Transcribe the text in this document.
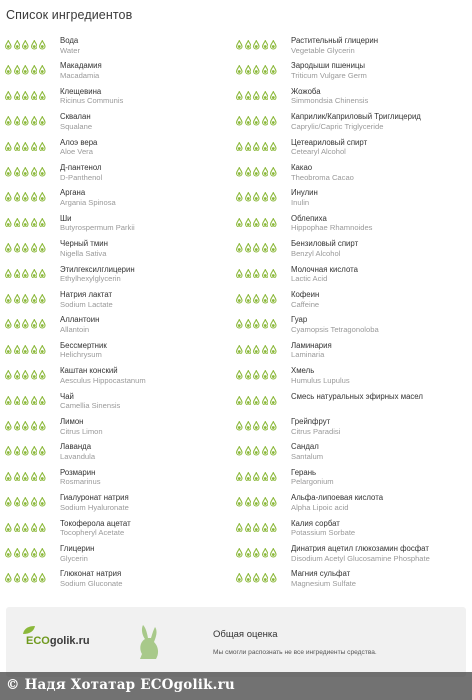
Список ингредиентов
Вода
Water
Макадамия
Macadamia
Клещевина
Ricinus Communis
Сквалан
Squalane
Алоэ вера
Aloe Vera
Д-пантенол
D-Panthenol
Аргана
Argania Spinosa
Ши
Butyrospermum Parkii
Черный тмин
Nigella Sativa
Этилгексилглицерин
Ethylhexylglycerin
Натрия лактат
Sodium Lactate
Аллантоин
Allantoin
Бессмертник
Helichrysum
Каштан конский
Aesculus Hippocastanum
Чай
Camellia Sinensis
Лимон
Citrus Limon
Лаванда
Lavandula
Розмарин
Rosmarinus
Гиалуронат натрия
Sodium Hyaluronate
Токоферола ацетат
Tocopheryl Acetate
Глицерин
Glycerin
Глюконат натрия
Sodium Gluconate
Растительный глицерин
Vegetable Glycerin
Зародыши пшеницы
Triticum Vulgare Germ
Жожоба
Simmondsia Chinensis
Каприлик/Каприловый Триглицерид
Caprylic/Capric Triglyceride
Цетеариловый спирт
Cetearyl Alcohol
Какао
Theobroma Cacao
Инулин
Inulin
Облепиха
Hippophae Rhamnoides
Бензиловый спирт
Benzyl Alcohol
Молочная кислота
Lactic Acid
Кофеин
Caffeine
Гуар
Cyamopsis Tetragonoloba
Ламинария
Laminaria
Хмель
Humulus Lupulus
Смесь натуральных эфирных масел
Грейпфрут
Citrus Paradisi
Сандал
Santalum
Герань
Pelargonium
Альфа-липоевая кислота
Alpha Lipoic acid
Калия сорбат
Potassium Sorbate
Динатрия ацетил глюкозамин фосфат
Disodium Acetyl Glucosamine Phosphate
Магния сульфат
Magnesium Sulfate
ECOgolik.ru
Общая оценка
Мы смогли распознать не все ингредиенты средства.
© Надя Хотатар ECOgolik.ru
